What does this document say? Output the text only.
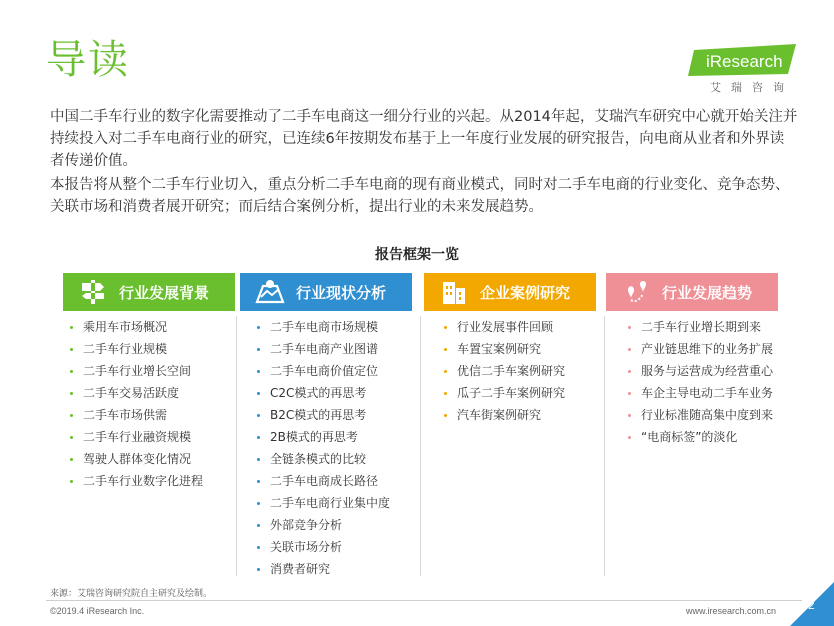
导读	iResearch
艾瑞咨询

中国二手车行业的数字化需要推动了二手车电商这一细分行业的兴起。从2014年起，艾瑞汽车研究中心就开始关注并持续投入对二手车电商行业的研究，已连续6年按期发布基于上一年度行业发展的研究报告，向电商从业者和外界读者传递价值。

本报告将从整个二手车行业切入，重点分析二手车电商的现有商业模式，同时对二手车电商的行业变化、竞争态势、关联市场和消费者展开研究；而后结合案例分析，提出行业的未来发展趋势。

报告框架一览
行业发展背景	行业现状分析	企业案例研究	行业发展趋势
乘用车市场概况
二手车行业规模
二手车行业增长空间
二手车交易活跃度
二手车市场供需
二手车行业融资规模
驾驶人群体变化情况
二手车行业数字化进程
二手车电商市场规模
二手车电商产业图谱
二手车电商价值定位
C2C模式的再思考
B2C模式的再思考
2B模式的再思考
全链条模式的比较
二手车电商成长路径
二手车电商行业集中度
外部竞争分析
关联市场分析
消费者研究
行业发展事件回顾
车置宝案例研究
优信二手车案例研究
瓜子二手车案例研究
汽车街案例研究
二手车行业增长期到来
产业链思维下的业务扩展
服务与运营成为经营重心
车企主导电动二手车业务
行业标准随高集中度到来
“电商标签”的淡化
来源：艾瑞咨询研究院自主研究及绘制。
©2019.4 iResearch Inc.	www.iresearch.com.cn	2
